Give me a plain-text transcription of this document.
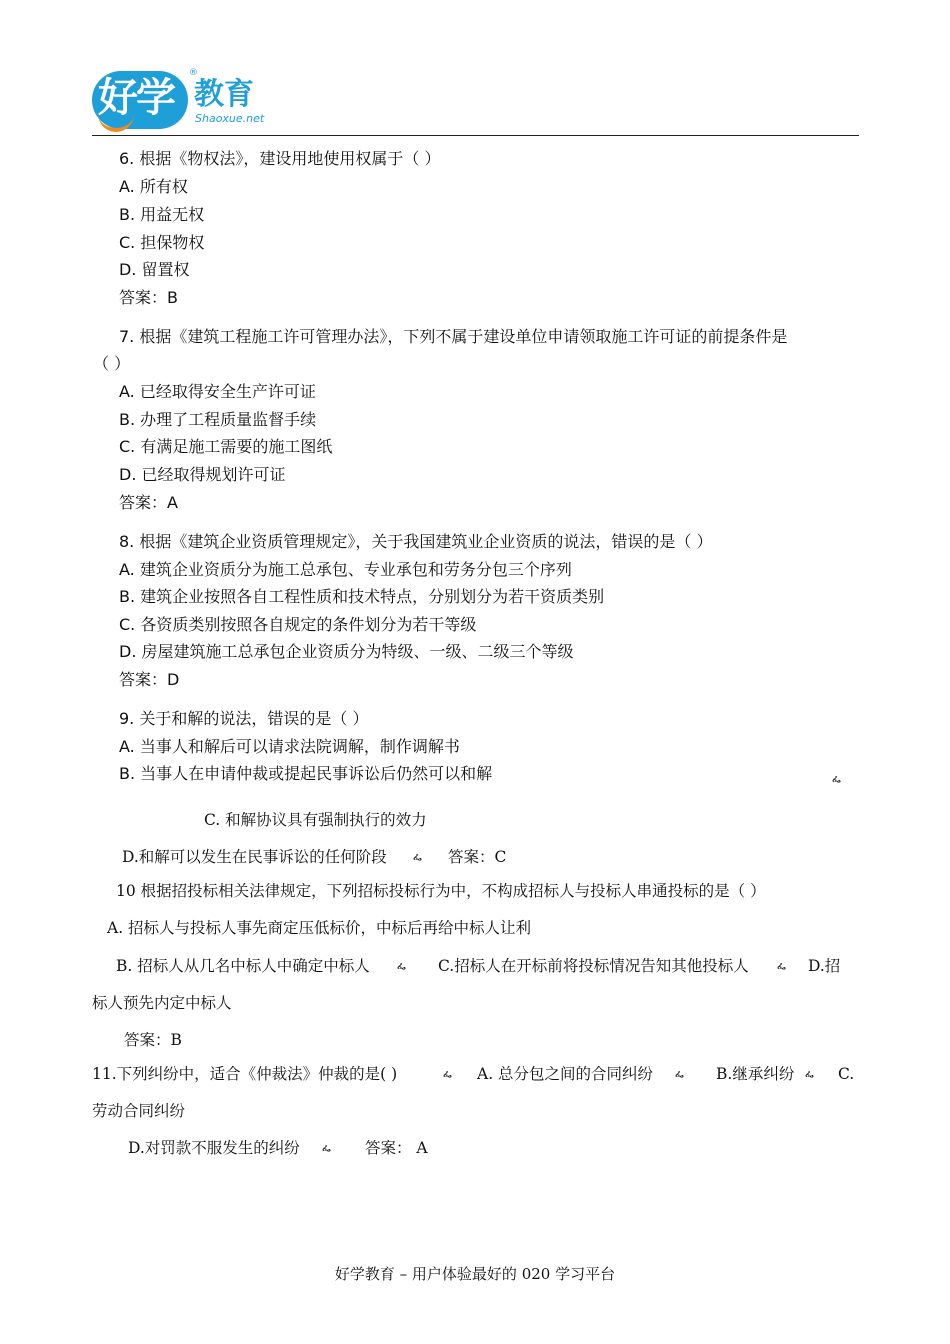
好学
®
教育
Shaoxue.net
6. 根据《物权法》，建设用地使用权属于（ ）
A. 所有权
B. 用益无权
C. 担保物权
D. 留置权
答案：B
7. 根据《建筑工程施工许可管理办法》，下列不属于建设单位申请领取施工许可证的前提条件是
（ ）
A. 已经取得安全生产许可证
B. 办理了工程质量监督手续
C. 有满足施工需要的施工图纸
D. 已经取得规划许可证
答案：A
8. 根据《建筑企业资质管理规定》，关于我国建筑业企业资质的说法，错误的是（ ）
A. 建筑企业资质分为施工总承包、专业承包和劳务分包三个序列
B. 建筑企业按照各自工程性质和技术特点，分别划分为若干资质类别
C. 各资质类别按照各自规定的条件划分为若干等级
D. 房屋建筑施工总承包企业资质分为特级、一级、二级三个等级
答案：D
9. 关于和解的说法，错误的是（ ）
A. 当事人和解后可以请求法院调解，制作调解书
B. 当事人在申请仲裁或提起民事诉讼后仍然可以和解	ፌ
C. 和解协议具有强制执行的效力
D.和解可以发生在民事诉讼的任何阶段	ፌ 答案：C
10 根据招投标相关法律规定，下列招标投标行为中，不构成招标人与投标人串通投标的是（ ）
A. 招标人与投标人事先商定压低标价，中标后再给中标人让利
B. 招标人从几名中标人中确定中标人	ፌ C.招标人在开标前将投标情况告知其他投标人	ፌ D.招
标人预先内定中标人
答案：B
11.下列纠纷中，适合《仲裁法》仲裁的是( )	ፌ A. 总分包之间的合同纠纷 ፌ B.继承纠纷 ፌ C.
劳动合同纠纷
D.对罚款不服发生的纠纷 ፌ 答案： A
好学教育 – 用户体验最好的 020 学习平台
